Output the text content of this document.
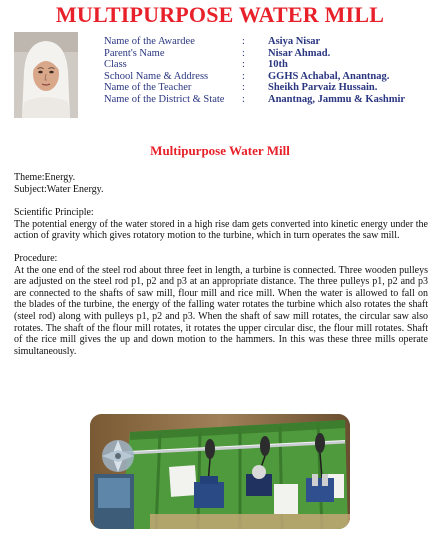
MULTIPURPOSE WATER MILL
Name of the Awardee	:	Asiya Nisar
Parent's Name	:	Nisar Ahmad.
Class	:	10th
School Name & Address	:	GGHS Achabal, Anantnag.
Name of the Teacher	:	Sheikh Parvaiz Hussain.
Name of the District & State	:	Anantnag, Jammu & Kashmir
Multipurpose Water Mill
Theme:Energy.
Subject:Water Energy.
Scientific Principle:
The potential energy of the water stored in a high rise dam gets converted into kinetic energy under the action of gravity which gives rotatory motion to the turbine, which in turn operates the saw mill.
Procedure:
At the one end of the steel rod about three feet in length, a turbine is connected. Three wooden pulleys are adjusted on the steel rod p1, p2 and p3 at an appropriate distance. The three pulleys p1, p2 and p3 are connected to the shafts of saw mill, flour mill and rice mill. When the water is allowed to fall on the blades of the turbine, the energy of the falling water rotates the turbine which also rotates the shaft (steel rod) along with pulleys p1, p2 and p3. When the shaft of saw mill rotates, the circular saw also rotates. The shaft of the flour mill rotates, it rotates the upper circular disc, the flour mill rotates. Shaft of the rice mill gives the up and down motion to the hammers. In this was these three mills operate simultaneously.
